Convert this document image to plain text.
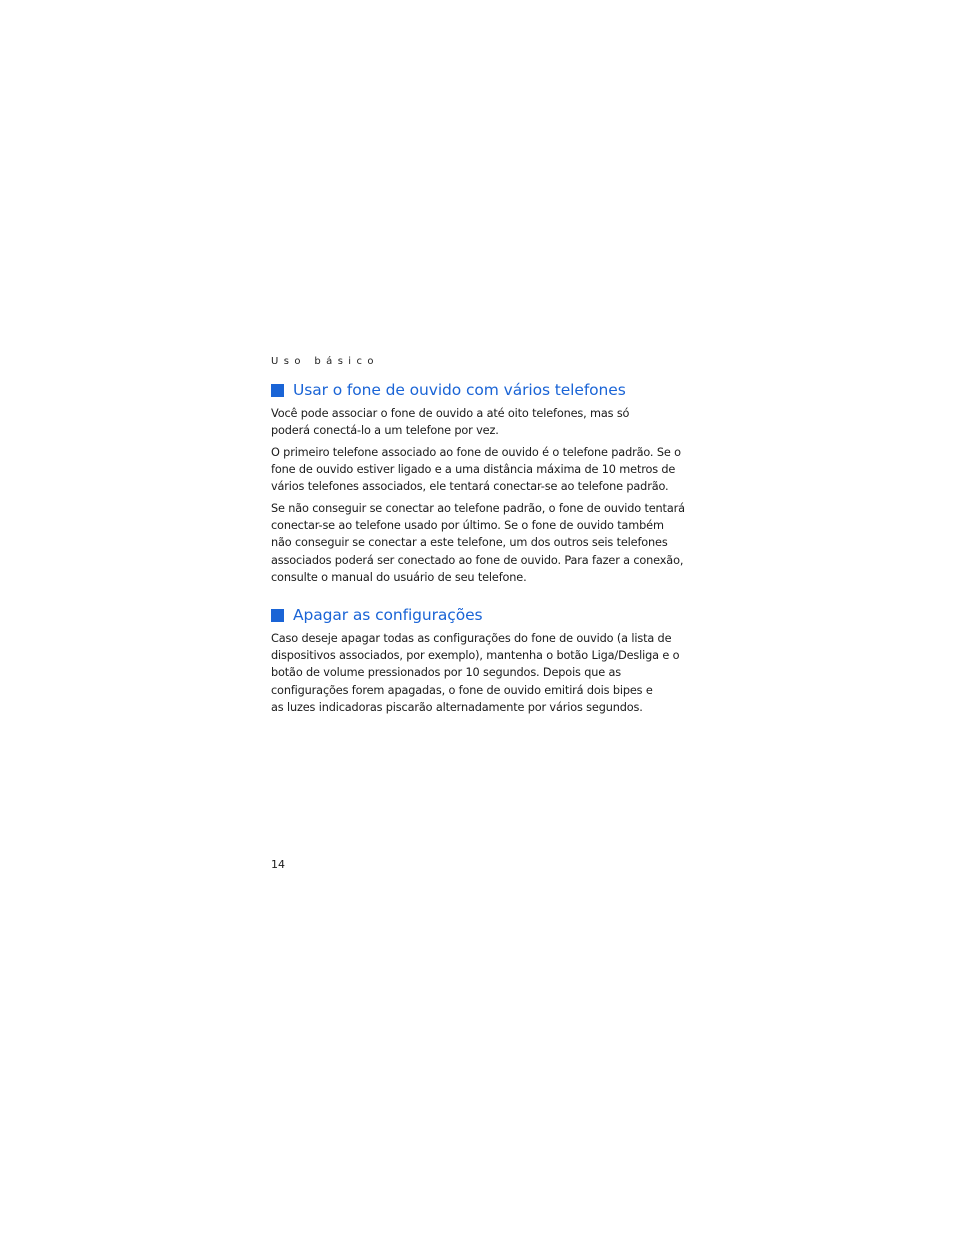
Uso básico
Usar o fone de ouvido com vários telefones

Você pode associar o fone de ouvido a até oito telefones, mas só
poderá conectá-lo a um telefone por vez.

O primeiro telefone associado ao fone de ouvido é o telefone padrão. Se o
fone de ouvido estiver ligado e a uma distância máxima de 10 metros de
vários telefones associados, ele tentará conectar-se ao telefone padrão.

Se não conseguir se conectar ao telefone padrão, o fone de ouvido tentará
conectar-se ao telefone usado por último. Se o fone de ouvido também
não conseguir se conectar a este telefone, um dos outros seis telefones
associados poderá ser conectado ao fone de ouvido. Para fazer a conexão,
consulte o manual do usuário de seu telefone.

Apagar as configurações

Caso deseje apagar todas as configurações do fone de ouvido (a lista de
dispositivos associados, por exemplo), mantenha o botão Liga/Desliga e o
botão de volume pressionados por 10 segundos. Depois que as
configurações forem apagadas, o fone de ouvido emitirá dois bipes e
as luzes indicadoras piscarão alternadamente por vários segundos.

14
